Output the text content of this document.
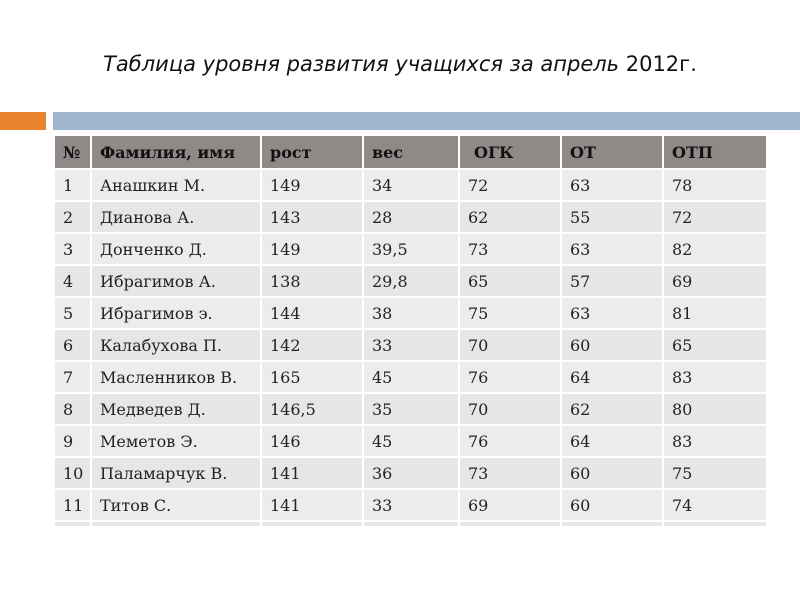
Таблица уровня развития учащихся за апрель 2012г.
№	Фамилия, имя	рост	вес	ОГК	ОТ	ОТП
1	Анашкин М.	149	34	72	63	78
2	Дианова А.	143	28	62	55	72
3	Донченко Д.	149	39,5	73	63	82
4	Ибрагимов А.	138	29,8	65	57	69
5	Ибрагимов э.	144	38	75	63	81
6	Калабухова П.	142	33	70	60	65
7	Масленников В.	165	45	76	64	83
8	Медведев Д.	146,5	35	70	62	80
9	Меметов Э.	146	45	76	64	83
10	Паламарчук В.	141	36	73	60	75
11	Титов С.	141	33	69	60	74
